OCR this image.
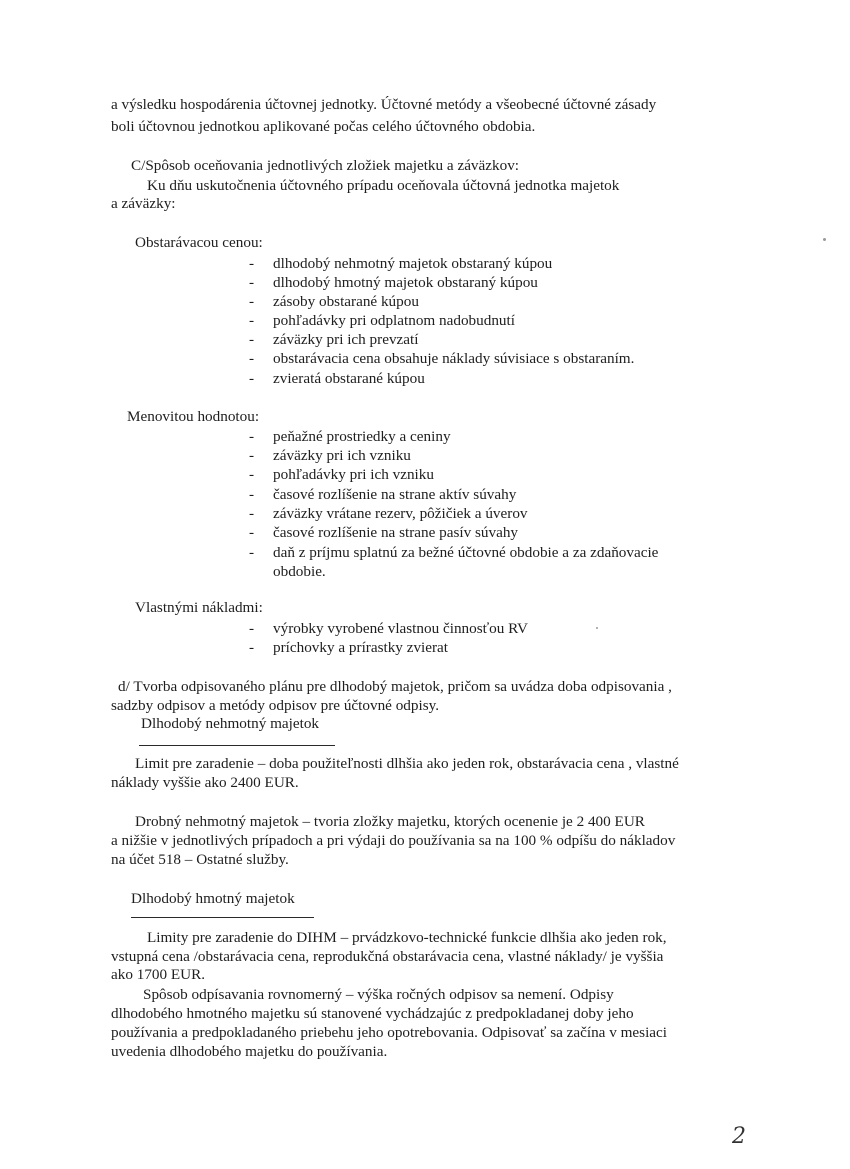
a výsledku hospodárenia účtovnej jednotky. Účtovné metódy a všeobecné účtovné zásady
boli účtovnou jednotkou aplikované počas celého účtovného obdobia.
C/Spôsob oceňovania jednotlivých zložiek majetku a záväzkov:
Ku dňu uskutočnenia účtovného prípadu oceňovala účtovná jednotka majetok
a záväzky:
Obstarávacou cenou:
- dlhodobý nehmotný majetok obstaraný kúpou
- dlhodobý hmotný majetok obstaraný kúpou
- zásoby obstarané kúpou
- pohľadávky pri odplatnom nadobudnutí
- záväzky pri ich prevzatí
- obstarávacia cena obsahuje náklady súvisiace s obstaraním.
- zvieratá obstarané kúpou
Menovitou hodnotou:
- peňažné prostriedky a ceniny
- záväzky pri ich vzniku
- pohľadávky pri ich vzniku
- časové rozlíšenie na strane aktív súvahy
- záväzky vrátane rezerv, pôžičiek a úverov
- časové rozlíšenie na strane pasív súvahy
- daň z príjmu splatnú za bežné účtovné obdobie a za zdaňovacie
obdobie.
Vlastnými nákladmi:
- výrobky vyrobené vlastnou činnosťou RV
- príchovky a prírastky zvierat
d/ Tvorba odpisovaného plánu pre dlhodobý majetok, pričom sa uvádza doba odpisovania ,
sadzby odpisov a metódy odpisov pre účtovné odpisy.
Dlhodobý nehmotný majetok
Limit pre zaradenie – doba použiteľnosti dlhšia ako jeden rok, obstarávacia cena , vlastné
náklady vyššie ako 2400 EUR.
Drobný nehmotný majetok – tvoria zložky majetku, ktorých ocenenie je 2 400 EUR
a nižšie v jednotlivých prípadoch a pri výdaji do používania sa na 100 % odpíšu do nákladov
na účet 518 – Ostatné služby.
Dlhodobý hmotný majetok
Limity pre zaradenie do DIHM – prvádzkovo-technické funkcie dlhšia ako jeden rok,
vstupná cena /obstarávacia cena, reprodukčná obstarávacia cena, vlastné náklady/ je vyššia
ako 1700 EUR.
Spôsob odpísavania rovnomerný – výška ročných odpisov sa nemení. Odpisy
dlhodobého hmotného majetku sú stanovené vychádzajúc z predpokladanej doby jeho
používania a predpokladaného priebehu jeho opotrebovania. Odpisovať sa začína v mesiaci
uvedenia dlhodobého majetku do používania.
2
